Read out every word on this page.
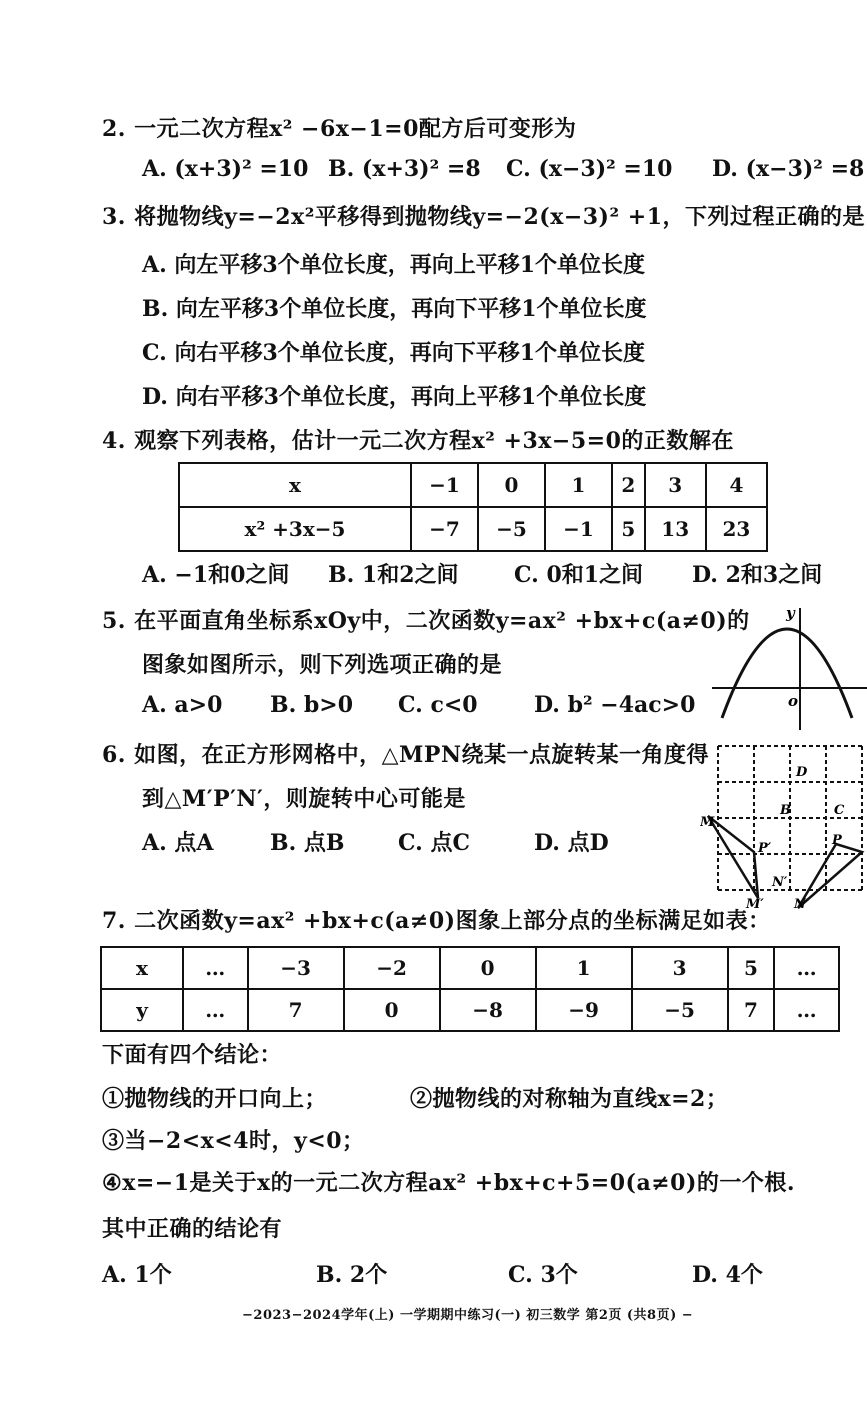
2. 一元二次方程x² −6x−1=0配方后可变形为
A. (x+3)² =10 B. (x+3)² =8 C. (x−3)² =10 D. (x−3)² =8
3. 将抛物线y=−2x²平移得到抛物线y=−2(x−3)² +1，下列过程正确的是
A. 向左平移3个单位长度，再向上平移1个单位长度
B. 向左平移3个单位长度，再向下平移1个单位长度
C. 向右平移3个单位长度，再向下平移1个单位长度
D. 向右平移3个单位长度，再向上平移1个单位长度
4. 观察下列表格，估计一元二次方程x² +3x−5=0的正数解在
x	−1	0	1	2	3	4
x² +3x−5	−7	−5	−1	5	13	23
A. −1和0之间 B. 1和2之间	C. 0和1之间 D. 2和3之间
5. 在平面直角坐标系xOy中，二次函数y=ax² +bx+c(a≠0)的
图象如图所示，则下列选项正确的是
A. a>0 B. b>0 C. c<0	D. b² −4ac>0
y
o
6. 如图，在正方形网格中，△MPN绕某一点旋转某一角度得
到△M′P′N′，则旋转中心可能是
A. 点A	B. 点B C. 点C	D. 点D
D
B	C
M
P′
P
N′
M′ N
7. 二次函数y=ax² +bx+c(a≠0)图象上部分点的坐标满足如表：
x	…	−3	−2	0	1	3	5	…
y	…	7	0	−8	−9	−5	7	…
下面有四个结论：
①抛物线的开口向上；	②抛物线的对称轴为直线x=2；
③当−2<x<4时，y<0；
④x=−1是关于x的一元二次方程ax² +bx+c+5=0(a≠0)的一个根.
其中正确的结论有
A. 1个	B. 2个	C. 3个	D. 4个
−2023−2024学年(上) 一学期期中练习(一) 初三数学 第2页 (共8页) −
